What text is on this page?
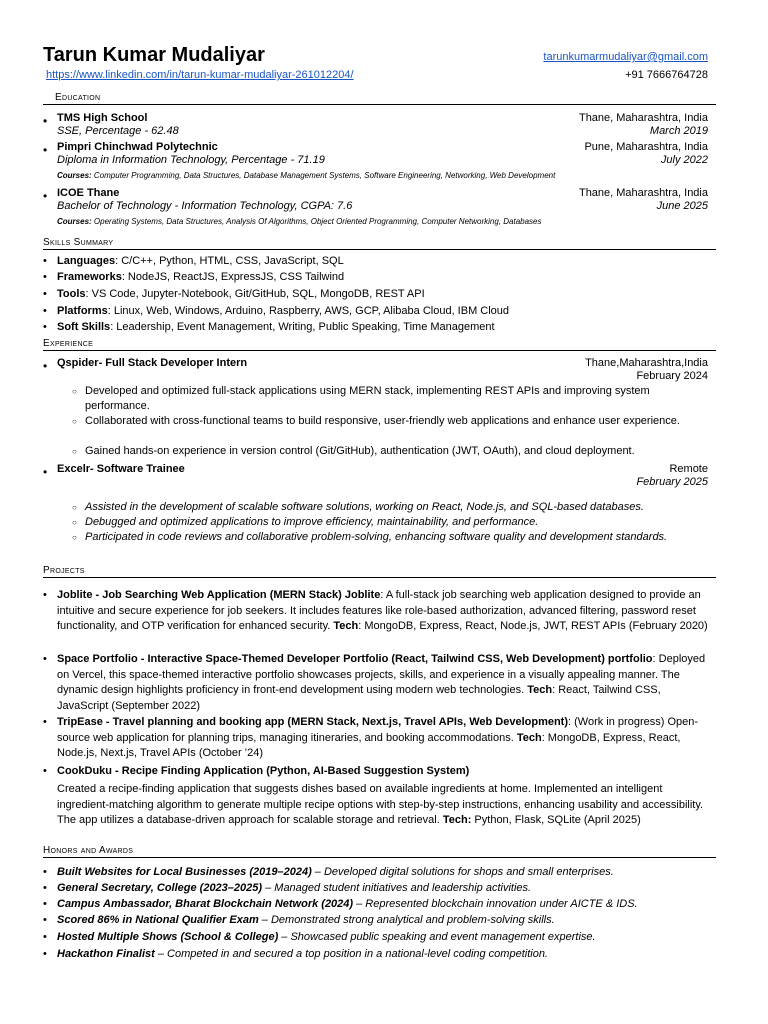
Tarun Kumar Mudaliyar	tarunkumarmudaliyar@gmail.com
https://www.linkedin.com/in/tarun-kumar-mudaliyar-261012204/	+91 7666764728
Education
• TMS High School	Thane, Maharashtra, India
SSE, Percentage - 62.48	March 2019
• Pimpri Chinchwad Polytechnic	Pune, Maharashtra, India
Diploma in Information Technology, Percentage - 71.19	July 2022
Courses: Computer Programming, Data Structures, Database Management Systems, Software Engineering, Networking, Web Development
• ICOE Thane	Thane, Maharashtra, India
Bachelor of Technology - Information Technology, CGPA: 7.6	June 2025
Courses: Operating Systems, Data Structures, Analysis Of Algorithms, Object Oriented Programming, Computer Networking, Databases
Skills Summary
• Languages: C/C++, Python, HTML, CSS, JavaScript, SQL
• Frameworks: NodeJS, ReactJS, ExpressJS, CSS Tailwind
• Tools: VS Code, Jupyter-Notebook, Git/GitHub, SQL, MongoDB, REST API
• Platforms: Linux, Web, Windows, Arduino, Raspberry, AWS, GCP, Alibaba Cloud, IBM Cloud
• Soft Skills: Leadership, Event Management, Writing, Public Speaking, Time Management
Experience
• Qspider- Full Stack Developer Intern	Thane,Maharashtra,India
February 2024
○ Developed and optimized full-stack applications using MERN stack, implementing REST APIs and improving system performance.
○ Collaborated with cross-functional teams to build responsive, user-friendly web applications and enhance user experience.
○ Gained hands-on experience in version control (Git/GitHub), authentication (JWT, OAuth), and cloud deployment.
• Excelr- Software Trainee	Remote
February 2025
○ Assisted in the development of scalable software solutions, working on React, Node.js, and SQL-based databases.
○ Debugged and optimized applications to improve efficiency, maintainability, and performance.
○ Participated in code reviews and collaborative problem-solving, enhancing software quality and development standards.
Projects
• Joblite - Job Searching Web Application (MERN Stack) Joblite: A full-stack job searching web application designed to provide an intuitive and secure experience for job seekers. It includes features like role-based authorization, advanced filtering, password reset functionality, and OTP verification for enhanced security. Tech: MongoDB, Express, React, Node.js, JWT, REST APIs (February 2020)
• Space Portfolio - Interactive Space-Themed Developer Portfolio (React, Tailwind CSS, Web Development) portfolio: Deployed on Vercel, this space-themed interactive portfolio showcases projects, skills, and experience in a visually appealing manner. The dynamic design highlights proficiency in front-end development using modern web technologies. Tech: React, Tailwind CSS, JavaScript (September 2022)
• TripEase - Travel planning and booking app (MERN Stack, Next.js, Travel APIs, Web Development): (Work in progress) Open-source web application for planning trips, managing itineraries, and booking accommodations. Tech: MongoDB, Express, React, Node.js, Next.js, Travel APIs (October ’24)
• CookDuku - Recipe Finding Application (Python, AI-Based Suggestion System)
Created a recipe-finding application that suggests dishes based on available ingredients at home. Implemented an intelligent ingredient-matching algorithm to generate multiple recipe options with step-by-step instructions, enhancing usability and accessibility. The app utilizes a database-driven approach for scalable storage and retrieval. Tech: Python, Flask, SQLite (April 2025)
Honors and Awards
• Built Websites for Local Businesses (2019–2024) – Developed digital solutions for shops and small enterprises.
• General Secretary, College (2023–2025) – Managed student initiatives and leadership activities.
• Campus Ambassador, Bharat Blockchain Network (2024) – Represented blockchain innovation under AICTE & IDS.
• Scored 86% in National Qualifier Exam – Demonstrated strong analytical and problem-solving skills.
• Hosted Multiple Shows (School & College) – Showcased public speaking and event management expertise.
• Hackathon Finalist – Competed in and secured a top position in a national-level coding competition.
